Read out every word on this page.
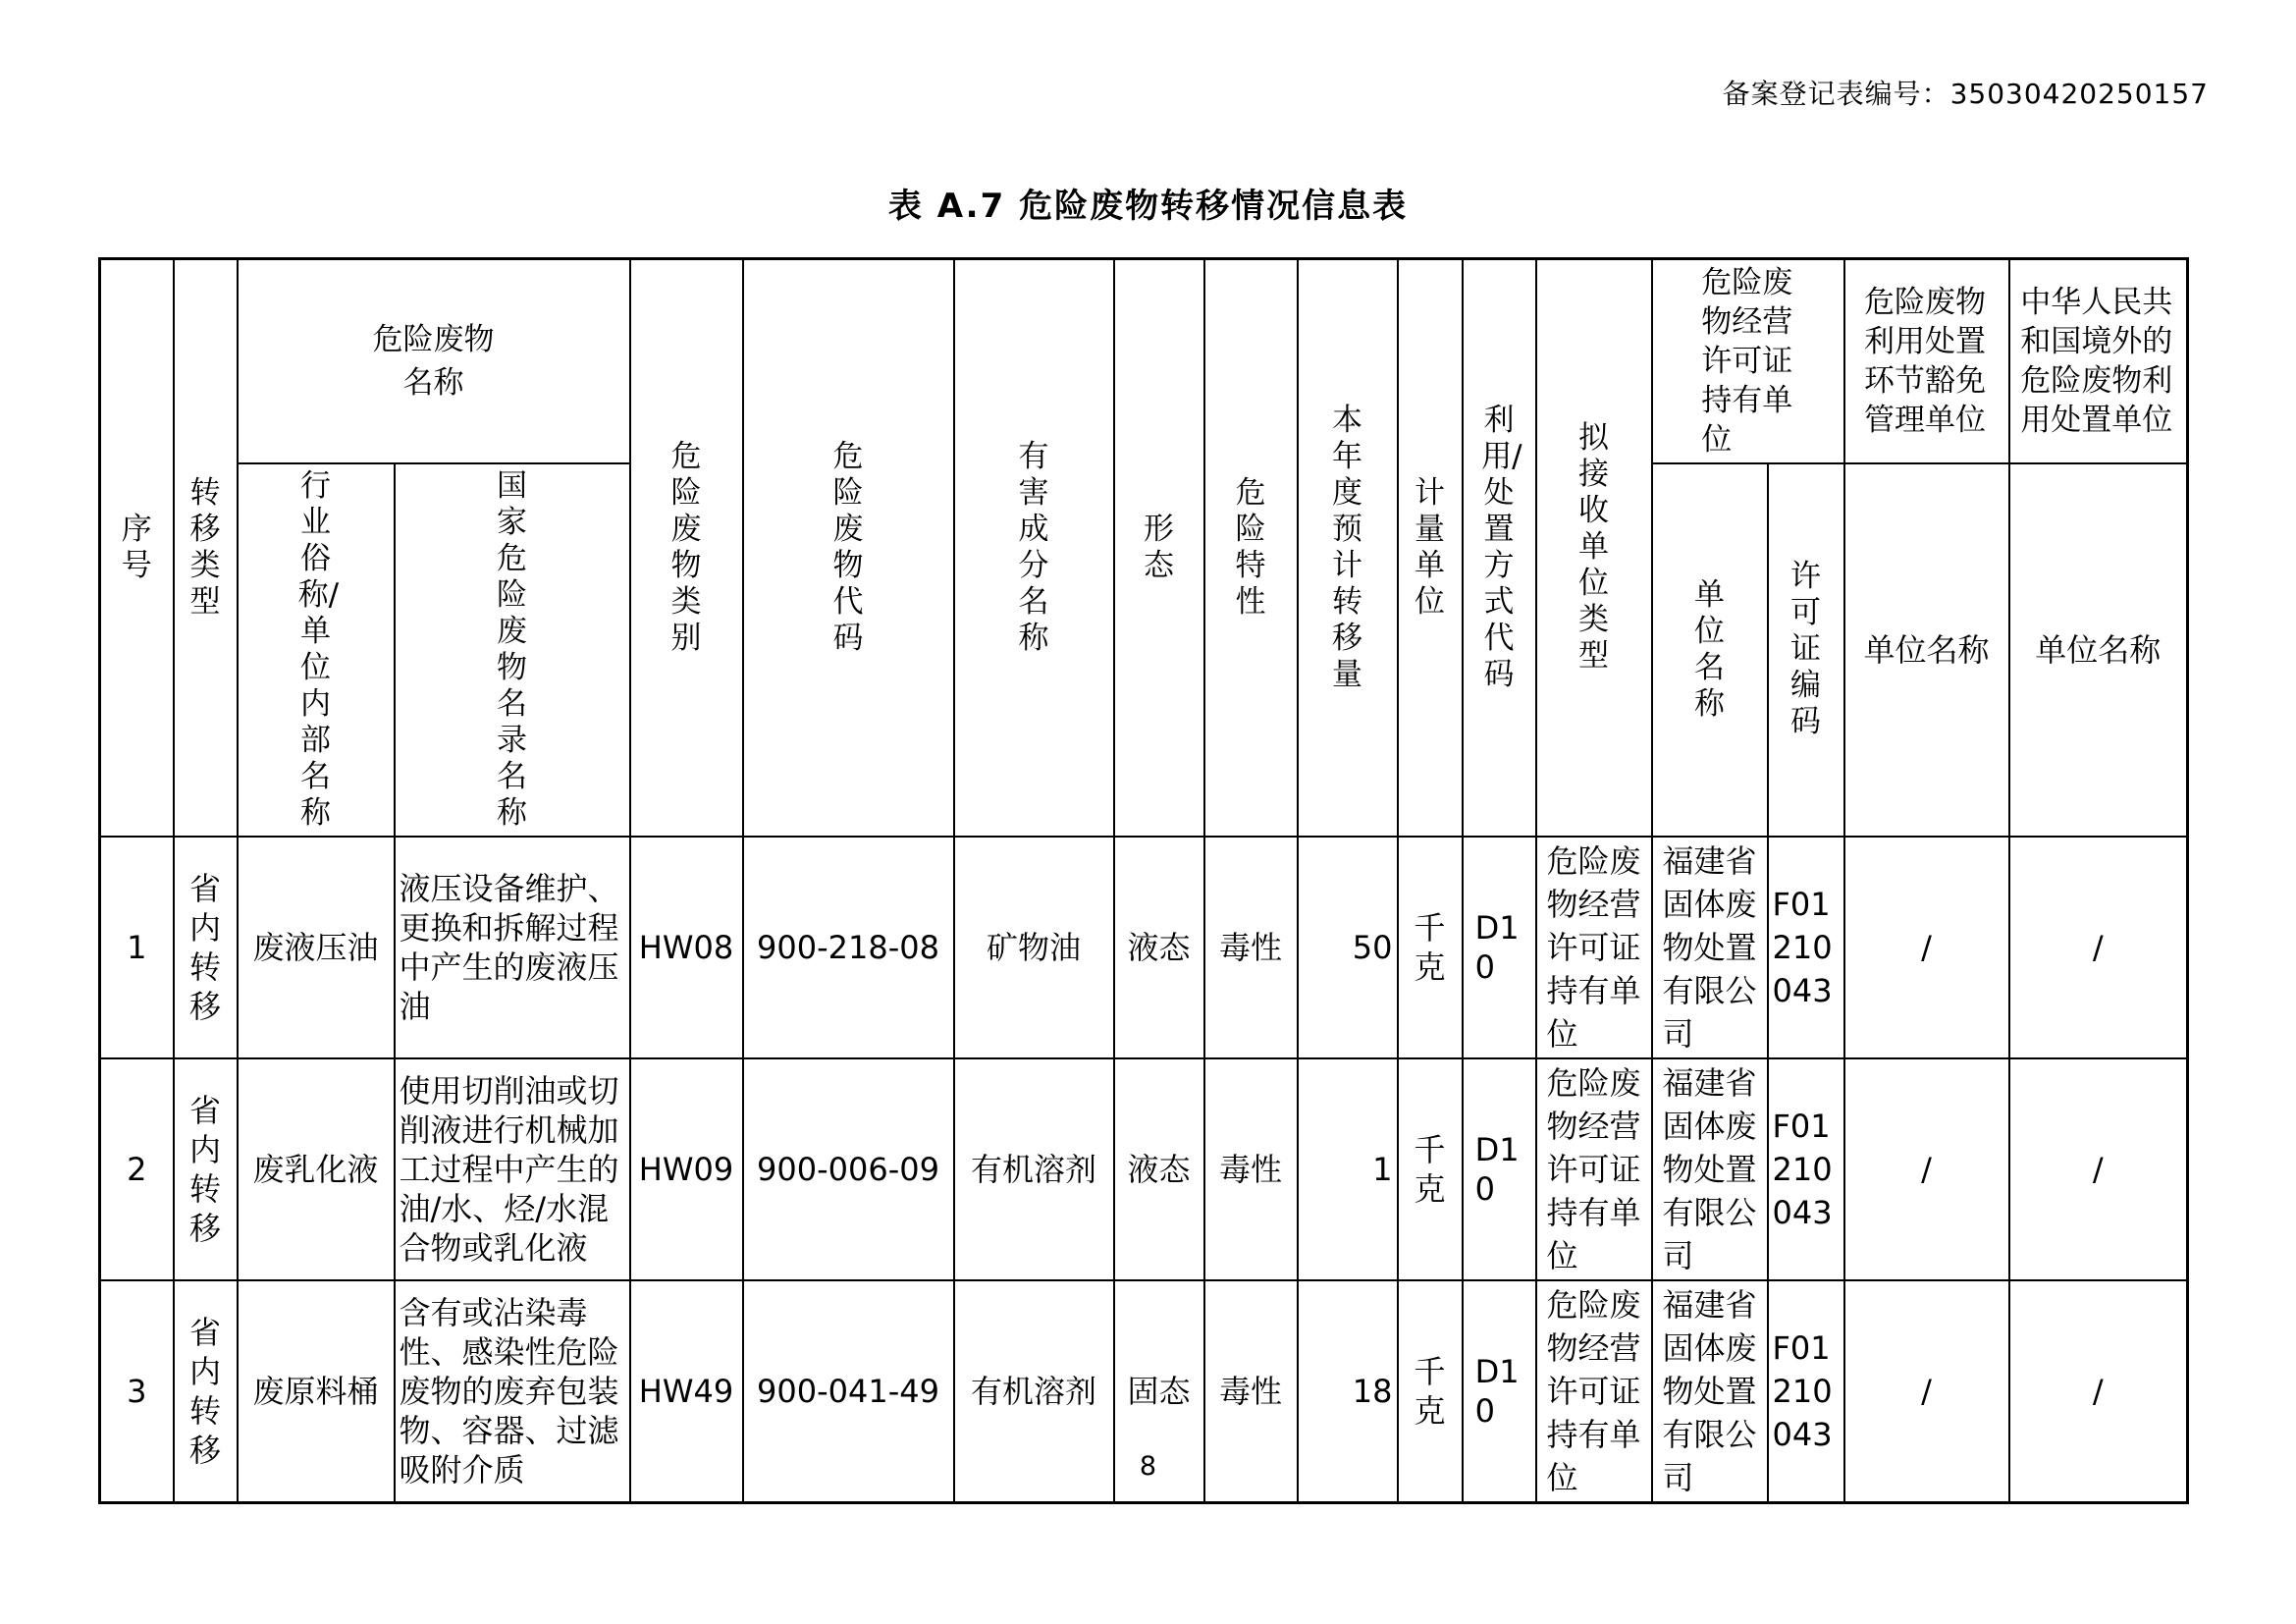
备案登记表编号：35030420250157
表 A.7 危险废物转移情况信息表
序号	转移类型	危险废物名称		危险废物类别	危险废物代码	有害成分名称	形态	危险特性	本年度预计转移量	计量单位	利用/处置方式代码	拟接收单位类型	危险废物经营许可证持有单位		危险废物利用处置环节豁免管理单位	中华人民共和国境外的危险废物利用处置单位

		行业俗称/单位内部名称	国家危险废物名录名称										单位名称	许可证编码	单位名称	单位名称
1	省内转移	废液压油	液压设备维护、更换和拆解过程中产生的废液压油	HW08	900-218-08	矿物油	液态	毒性	50	千克	D10	危险废物经营许可证持有单位	福建省固体废物处置有限公司	F01210043	/	/
2	省内转移	废乳化液	使用切削油或切削液进行机械加工过程中产生的油/水、烃/水混合物或乳化液	HW09	900-006-09	有机溶剂	液态	毒性	1	千克	D10	危险废物经营许可证持有单位	福建省固体废物处置有限公司	F01210043	/	/
3	省内转移	废原料桶	含有或沾染毒性、感染性危险废物的废弃包装物、容器、过滤吸附介质	HW49	900-041-49	有机溶剂	固态	毒性	18	千克	D10	危险废物经营许可证持有单位	福建省固体废物处置有限公司	F01210043	/	/
8
